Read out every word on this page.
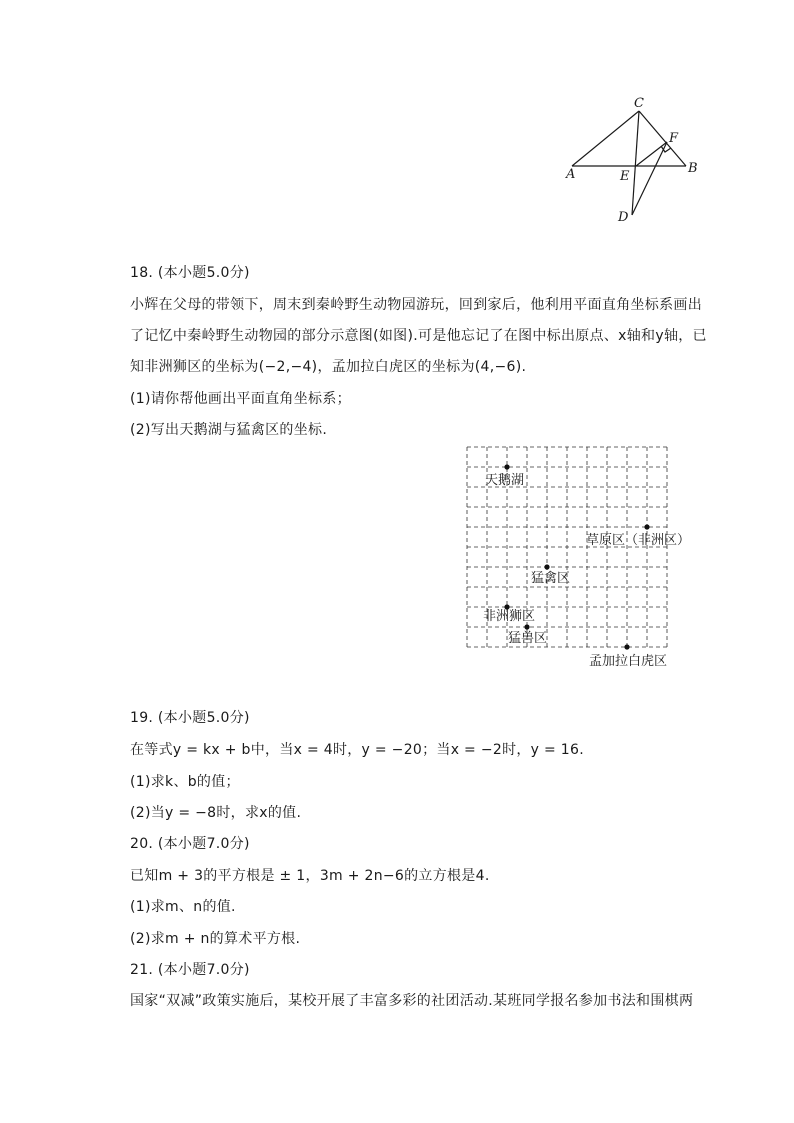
C
F
A	E
B
D
18. (本小题5.0分)
小辉在父母的带领下，周末到秦岭野生动物园游玩，回到家后，他利用平面直角坐标系画出
了记忆中秦岭野生动物园的部分示意图(如图).可是他忘记了在图中标出原点、x轴和y轴，已
知非洲狮区的坐标为(−2,−4)，孟加拉白虎区的坐标为(4,−6).
(1)请你帮他画出平面直角坐标系；
(2)写出天鹅湖与猛禽区的坐标.
天鹅湖
草原区（非洲区）
猛禽区
非洲狮区
猛兽区
孟加拉白虎区
19. (本小题5.0分)
在等式y = kx + b中，当x = 4时，y = −20；当x = −2时，y = 16.
(1)求k、b的值；
(2)当y = −8时，求x的值.
20. (本小题7.0分)
已知m + 3的平方根是 ± 1，3m + 2n−6的立方根是4.
(1)求m、n的值.
(2)求m + n的算术平方根.
21. (本小题7.0分)
国家“双减”政策实施后，某校开展了丰富多彩的社团活动.某班同学报名参加书法和围棋两
